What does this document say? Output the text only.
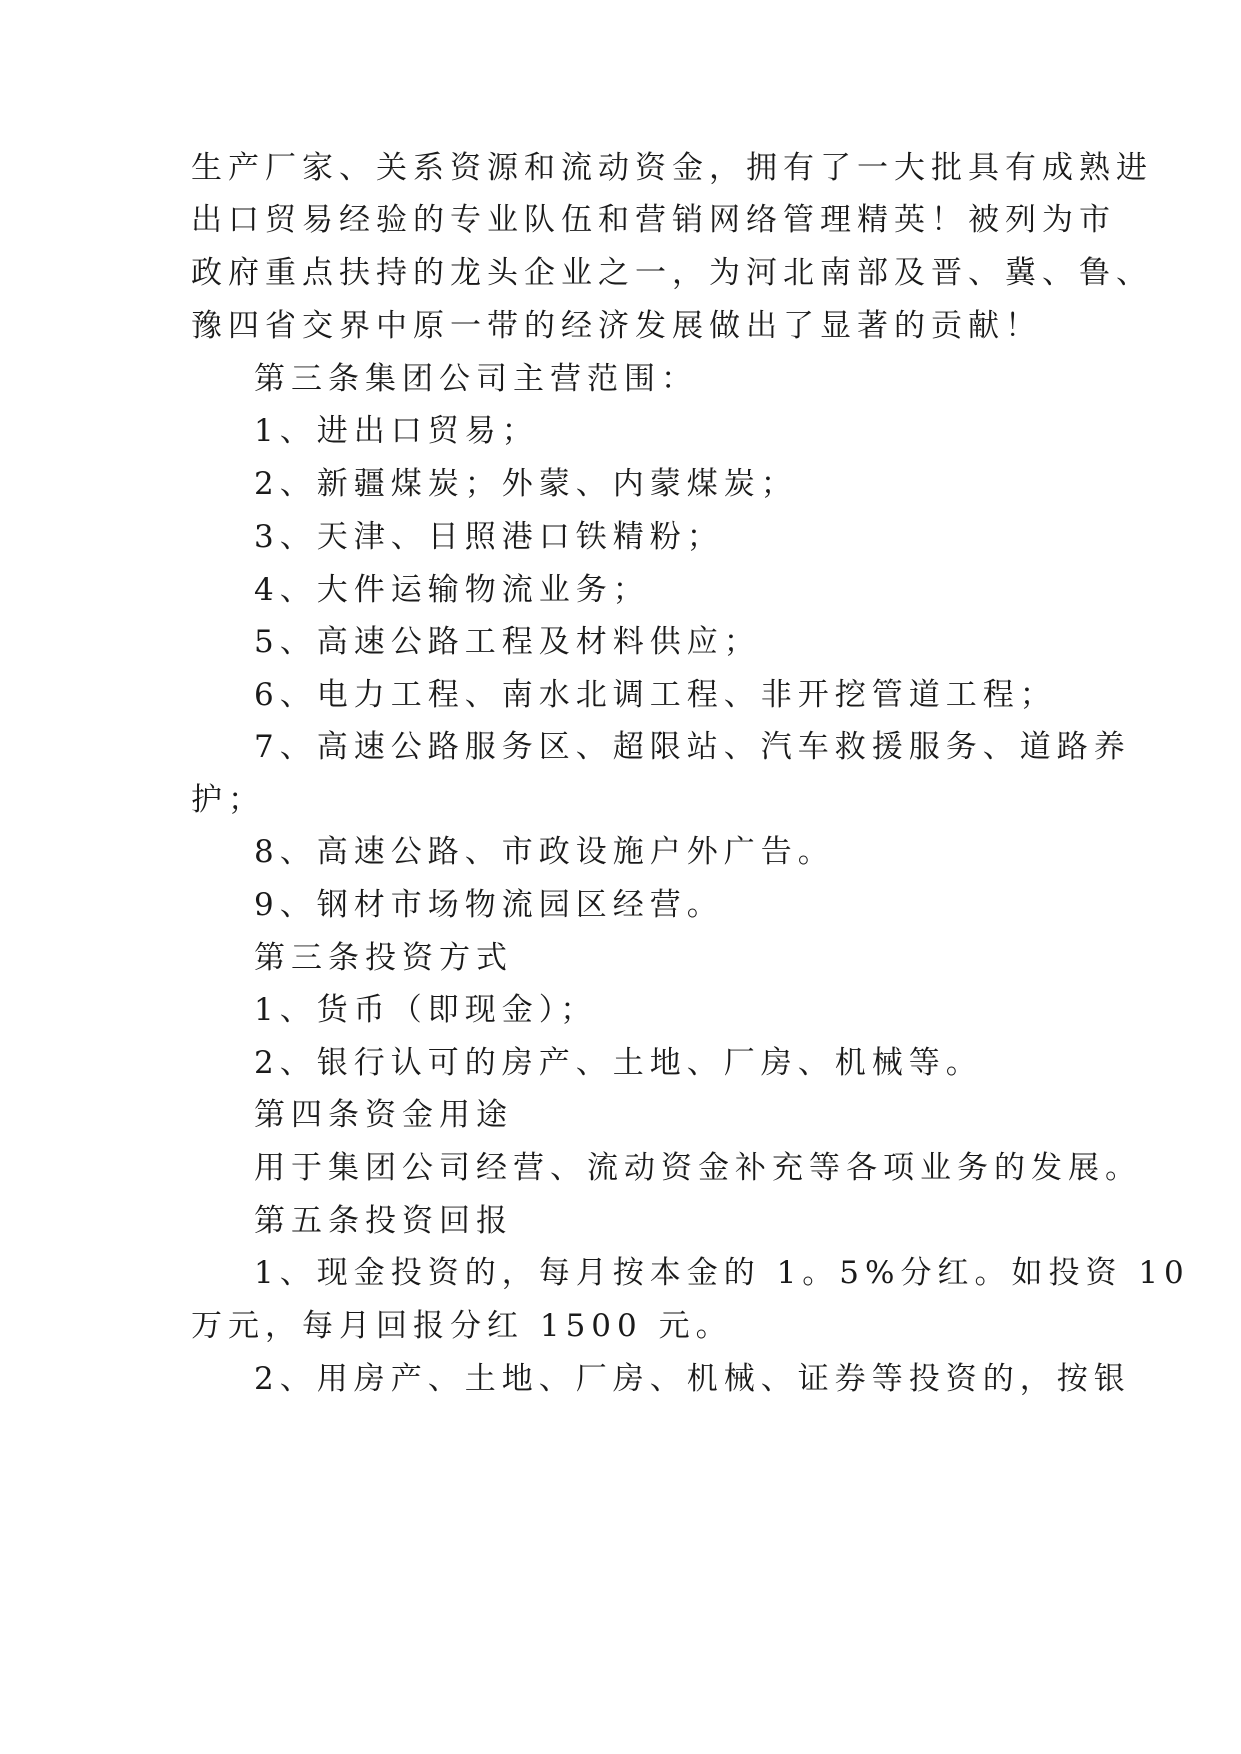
生产厂家、关系资源和流动资金，拥有了一大批具有成熟进
出口贸易经验的专业队伍和营销网络管理精英！被列为市
政府重点扶持的龙头企业之一，为河北南部及晋、冀、鲁、
豫四省交界中原一带的经济发展做出了显著的贡献！
第三条集团公司主营范围：
1、进出口贸易；
2、新疆煤炭；外蒙、内蒙煤炭；
3、天津、日照港口铁精粉；
4、大件运输物流业务；
5、高速公路工程及材料供应；
6、电力工程、南水北调工程、非开挖管道工程；
7、高速公路服务区、超限站、汽车救援服务、道路养
护；
8、高速公路、市政设施户外广告。
9、钢材市场物流园区经营。
第三条投资方式
1、货币（即现金）；
2、银行认可的房产、土地、厂房、机械等。
第四条资金用途
用于集团公司经营、流动资金补充等各项业务的发展。
第五条投资回报
1、现金投资的，每月按本金的 1。5%分红。如投资 10
万元，每月回报分红 1500 元。
2、用房产、土地、厂房、机械、证券等投资的，按银
